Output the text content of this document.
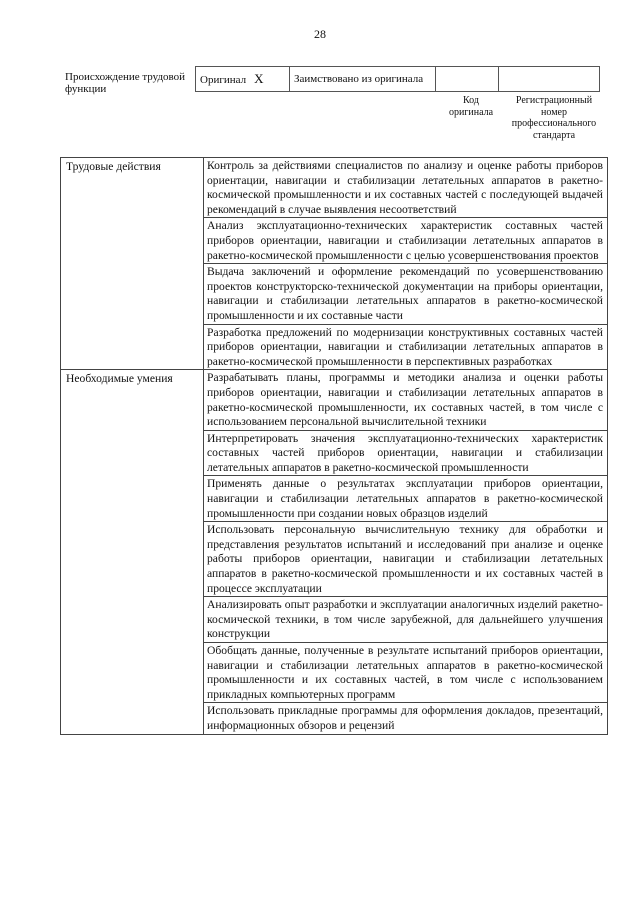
28
Происхождение трудовой функции
Оригинал X	Заимствовано из оригинала		
Код оригинала
Регистрационный номер профессионального стандарта
Трудовые действия	Контроль за действиями специалистов по анализу и оценке работы приборов ориентации, навигации и стабилизации летательных аппаратов в ракетно-космической промышленности и их составных частей с последующей выдачей рекомендаций в случае выявления несоответствий
	Анализ эксплуатационно-технических характеристик составных частей приборов ориентации, навигации и стабилизации летательных аппаратов в ракетно-космической промышленности с целью усовершенствования проектов
	Выдача заключений и оформление рекомендаций по усовершенствованию проектов конструкторско-технической документации на приборы ориентации, навигации и стабилизации летательных аппаратов в ракетно-космической промышленности и их составные части
	Разработка предложений по модернизации конструктивных составных частей приборов ориентации, навигации и стабилизации летательных аппаратов в ракетно-космической промышленности в перспективных разработках
Необходимые умения	Разрабатывать планы, программы и методики анализа и оценки работы приборов ориентации, навигации и стабилизации летательных аппаратов в ракетно-космической промышленности, их составных частей, в том числе с использованием персональной вычислительной техники
	Интерпретировать значения эксплуатационно-технических характеристик составных частей приборов ориентации, навигации и стабилизации летательных аппаратов в ракетно-космической промышленности
	Применять данные о результатах эксплуатации приборов ориентации, навигации и стабилизации летательных аппаратов в ракетно-космической промышленности при создании новых образцов изделий
	Использовать персональную вычислительную технику для обработки и представления результатов испытаний и исследований при анализе и оценке работы приборов ориентации, навигации и стабилизации летательных аппаратов в ракетно-космической промышленности и их составных частей в процессе эксплуатации
	Анализировать опыт разработки и эксплуатации аналогичных изделий ракетно-космической техники, в том числе зарубежной, для дальнейшего улучшения конструкции
	Обобщать данные, полученные в результате испытаний приборов ориентации, навигации и стабилизации летательных аппаратов в ракетно-космической промышленности и их составных частей, в том числе с использованием прикладных компьютерных программ
	Использовать прикладные программы для оформления докладов, презентаций, информационных обзоров и рецензий
